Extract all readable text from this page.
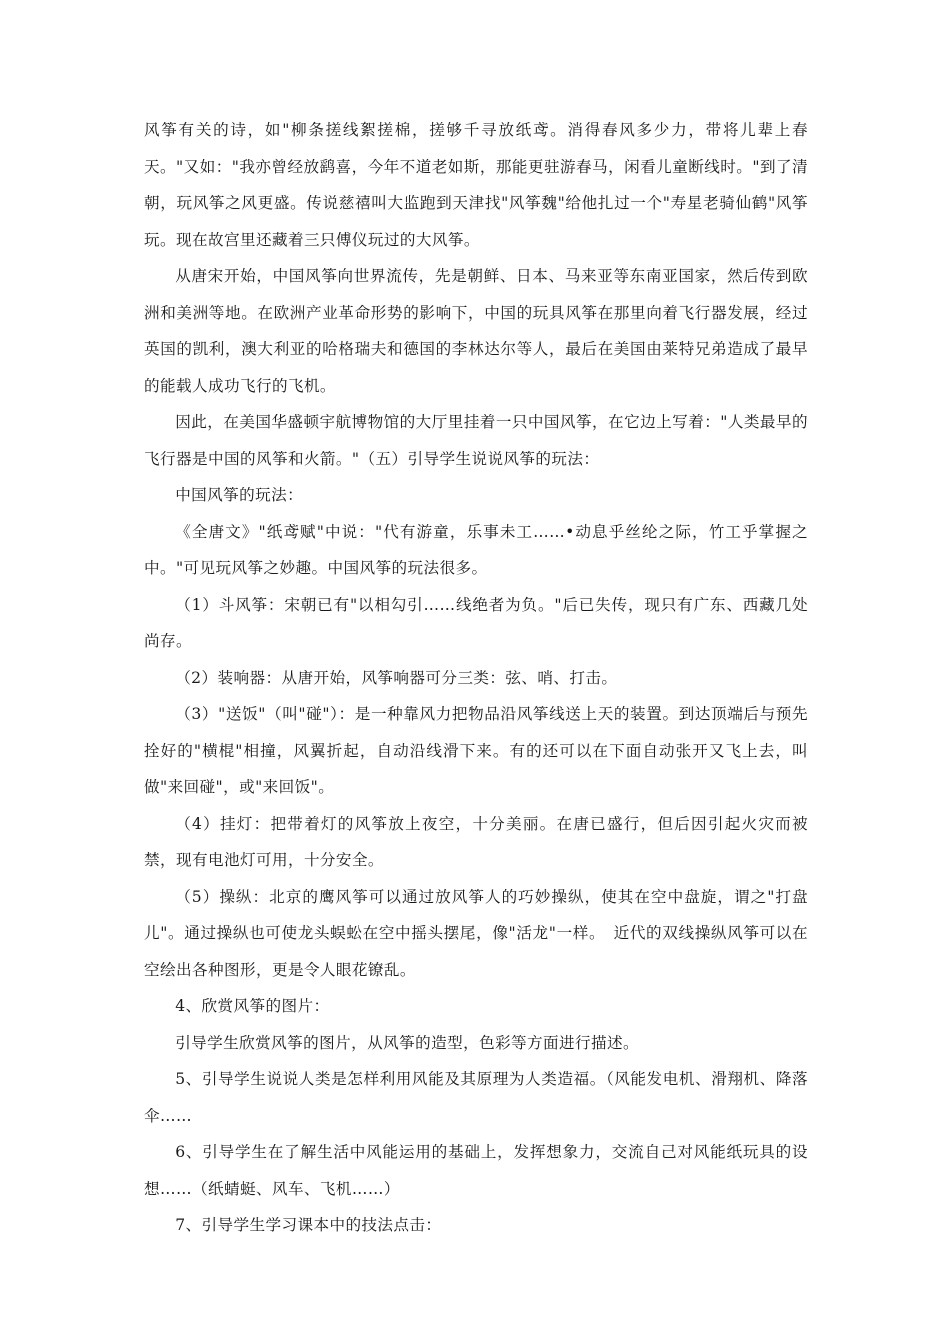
风筝有关的诗，如"柳条搓线絮搓棉，搓够千寻放纸鸢。消得春风多少力，带将儿辈上春天。"又如："我亦曾经放鹞喜，今年不道老如斯，那能更驻游春马，闲看儿童断线时。"到了清朝，玩风筝之风更盛。传说慈禧叫大监跑到天津找"风筝魏"给他扎过一个"寿星老骑仙鹤"风筝玩。现在故宫里还藏着三只傅仪玩过的大风筝。

从唐宋开始，中国风筝向世界流传，先是朝鲜、日本、马来亚等东南亚国家，然后传到欧洲和美洲等地。在欧洲产业革命形势的影响下，中国的玩具风筝在那里向着飞行器发展，经过英国的凯利，澳大利亚的哈格瑞夫和德国的李林达尔等人，最后在美国由莱特兄弟造成了最早的能载人成功飞行的飞机。

因此，在美国华盛顿宇航博物馆的大厅里挂着一只中国风筝，在它边上写着："人类最早的飞行器是中国的风筝和火箭。"（五）引导学生说说风筝的玩法：

中国风筝的玩法：

《全唐文》"纸鸢赋"中说："代有游童，乐事未工……•动息乎丝纶之际，竹工乎掌握之中。"可见玩风筝之妙趣。中国风筝的玩法很多。

（1）斗风筝：宋朝已有"以相勾引……线绝者为负。"后已失传，现只有广东、西藏几处尚存。

（2）装响器：从唐开始，风筝响器可分三类：弦、哨、打击。

（3）"送饭"（叫"碰"）：是一种靠风力把物品沿风筝线送上天的装置。到达顶端后与预先拴好的"横棍"相撞，风翼折起，自动沿线滑下来。有的还可以在下面自动张开又飞上去，叫做"来回碰"，或"来回饭"。

（4）挂灯：把带着灯的风筝放上夜空，十分美丽。在唐已盛行，但后因引起火灾而被禁，现有电池灯可用，十分安全。

（5）操纵：北京的鹰风筝可以通过放风筝人的巧妙操纵，使其在空中盘旋，谓之"打盘儿"。通过操纵也可使龙头蜈蚣在空中摇头摆尾，像"活龙"一样。　近代的双线操纵风筝可以在空绘出各种图形，更是令人眼花镣乱。

4、欣赏风筝的图片：

引导学生欣赏风筝的图片，从风筝的造型，色彩等方面进行描述。

5、引导学生说说人类是怎样利用风能及其原理为人类造福。（风能发电机、滑翔机、降落伞……

6、引导学生在了解生活中风能运用的基础上，发挥想象力，交流自己对风能纸玩具的设想……（纸蜻蜓、风车、飞机……）

7、引导学生学习课本中的技法点击：
